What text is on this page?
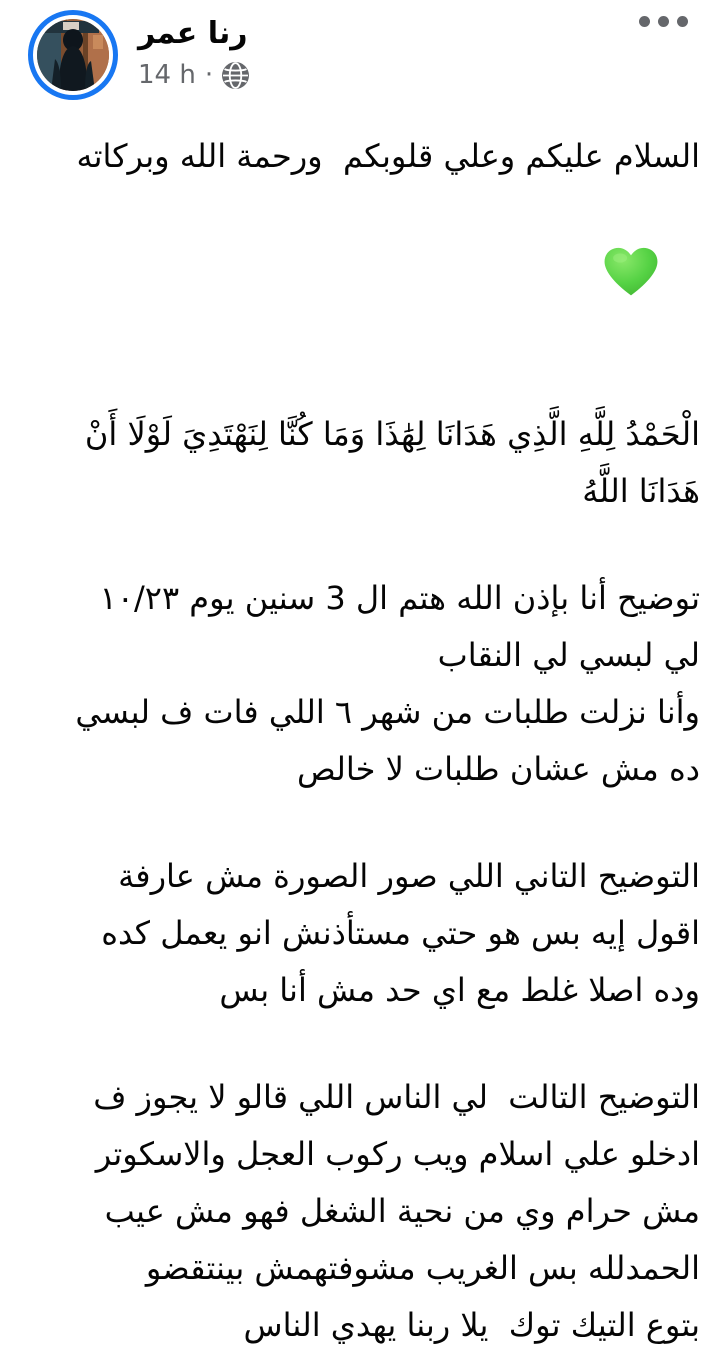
رنا عمر
14 h ·
السلام عليكم وعلي قلوبكم  ورحمة الله وبركاته

الْحَمْدُ لِلَّهِ الَّذِي هَدَانَا لِهَٰذَا وَمَا كُنَّا لِنَهْتَدِيَ لَوْلَا أَنْ
هَدَانَا اللَّهُ
توضيح أنا بإذن الله هتم ال 3 سنين يوم ١٠/٢٣
لي لبسي لي النقاب
وأنا نزلت طلبات من شهر ٦ اللي فات ف لبسي
ده مش عشان طلبات لا خالص
التوضيح التاني اللي صور الصورة مش عارفة
اقول إيه بس هو حتي مستأذنش انو يعمل كده
وده اصلا غلط مع اي حد مش أنا بس
التوضيح التالت  لي الناس اللي قالو لا يجوز ف
ادخلو علي اسلام ويب ركوب العجل والاسكوتر
مش حرام وي من نحية الشغل فهو مش عيب
الحمدلله بس الغريب مشوفتهمش بينتقضو
بتوع التيك توك  يلا ربنا يهدي الناس
